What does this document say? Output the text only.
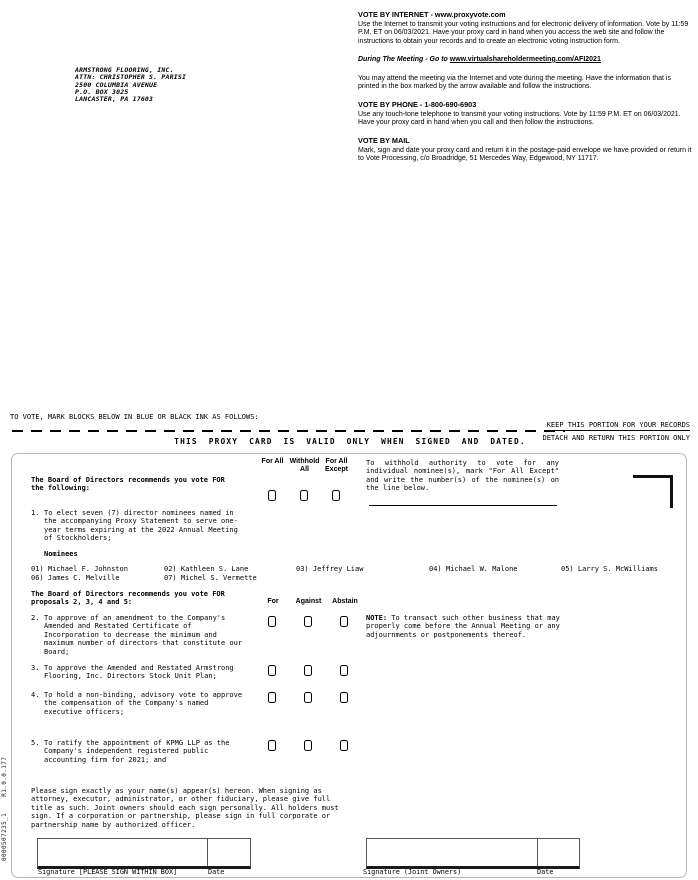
ARMSTRONG FLOORING, INC.
ATTN: CHRISTOPHER S. PARISI
2500 COLUMBIA AVENUE
P.O. BOX 3025
LANCASTER, PA 17603
VOTE BY INTERNET - www.proxyvote.com

Use the Internet to transmit your voting instructions and for electronic delivery of information. Vote by 11:59 P.M. ET on 06/03/2021. Have your proxy card in hand when you access the web site and follow the instructions to obtain your records and to create an electronic voting instruction form.

During The Meeting - Go to www.virtualshareholdermeeting.com/AFI2021

You may attend the meeting via the Internet and vote during the meeting. Have the information that is printed in the box marked by the arrow available and follow the instructions.

VOTE BY PHONE - 1-800-690-6903

Use any touch-tone telephone to transmit your voting instructions. Vote by 11:59 P.M. ET on 06/03/2021. Have your proxy card in hand when you call and then follow the instructions.

VOTE BY MAIL

Mark, sign and date your proxy card and return it in the postage-paid envelope we have provided or return it to Vote Processing, c/o Broadridge, 51 Mercedes Way, Edgewood, NY 11717.

TO VOTE, MARK BLOCKS BELOW IN BLUE OR BLACK INK AS FOLLOWS:
KEEP THIS PORTION FOR YOUR RECORDS
DETACH AND RETURN THIS PORTION ONLY
THIS PROXY CARD IS VALID ONLY WHEN SIGNED AND DATED.
0000507235_1    R1.0.0.177
The Board of Directors recommends you vote FOR the following:
For All Withhold All
For All Except
To withhold authority to vote for any individual nominee(s), mark "For All Except" and write the number(s) of the nominee(s) on the line below.
1. To elect seven (7) director nominees named in the accompanying Proxy Statement to serve one-year terms expiring at the 2022 Annual Meeting of Stockholders;
Nominees
01) Michael F. Johnston	02) Kathleen S. Lane	03) Jeffrey Liaw	04) Michael W. Malone	05) Larry S. McWilliams
06) James C. Melville	07) Michel S. Vermette
The Board of Directors recommends you vote FOR proposals 2, 3, 4 and 5:	For	Against	Abstain
2. To approve of an amendment to the Company's Amended and Restated Certificate of Incorporation to decrease the minimum and maximum number of directors that constitute our Board;
NOTE: To transact such other business that may properly come before the Annual Meeting or any adjournments or postponements thereof.
3. To approve the Amended and Restated Armstrong Flooring, Inc. Directors Stock Unit Plan;
4. To hold a non-binding, advisory vote to approve the compensation of the Company's named executive officers;
5. To ratify the appointment of KPMG LLP as the Company's independent registered public accounting firm for 2021; and
Please sign exactly as your name(s) appear(s) hereon. When signing as attorney, executor, administrator, or other fiduciary, please give full title as such. Joint owners should each sign personally. All holders must sign. If a corporation or partnership, please sign in full corporate or partnership name by authorized officer.
Signature [PLEASE SIGN WITHIN BOX]	Date	Signature (Joint Owners)	Date
